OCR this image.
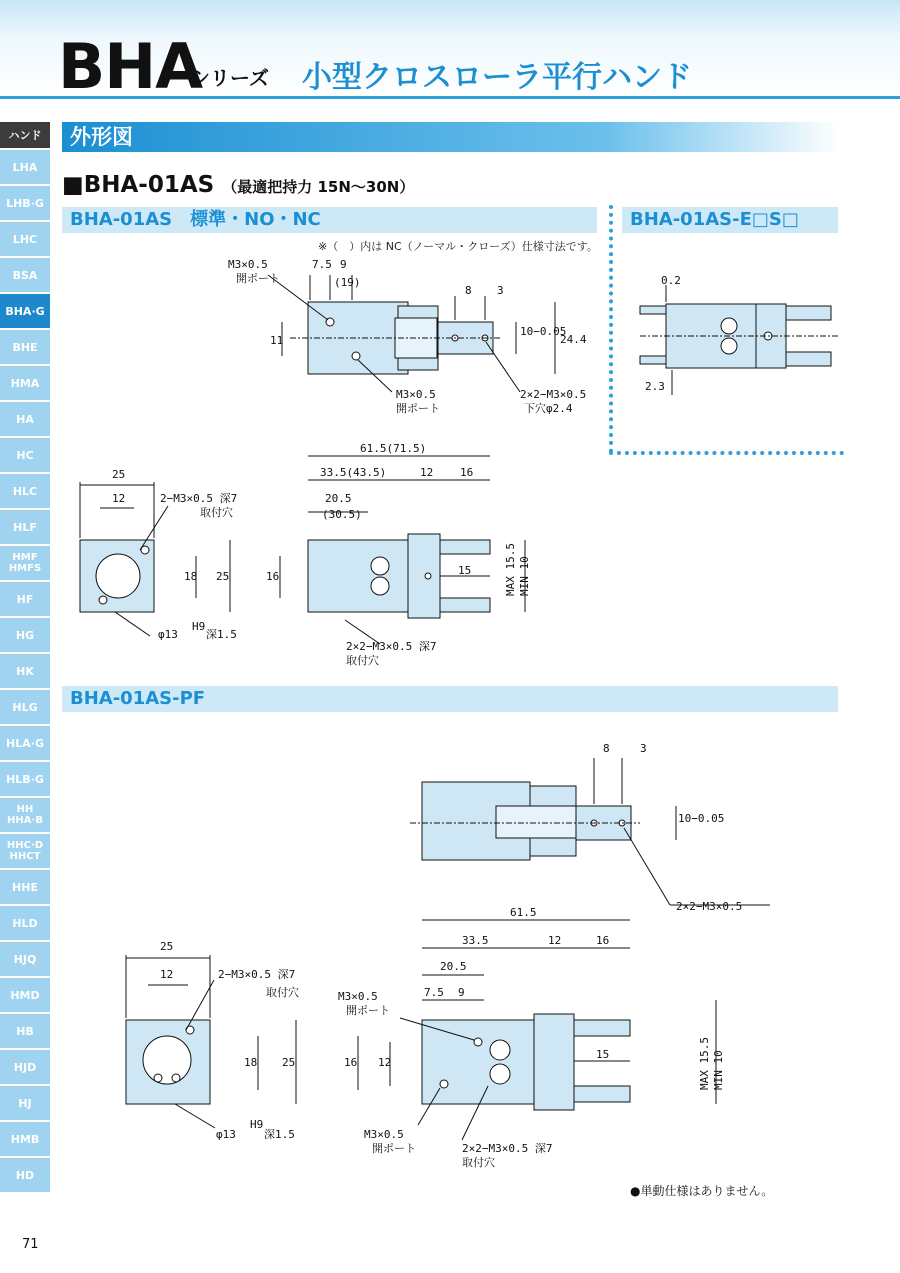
BHA
シリーズ 小型クロスローラ平行ハンド
ハンド
LHA
LHB·G
LHC
BSA
BHA·G
BHE
HMA
HA
HC
HLC
HLF
HMF
HMFS
HF
HG
HK
HLG
HLA·G
HLB·G
HH
HHA·B
HHC·D
HHCT
HHE
HLD
HJQ
HMD
HB
HJD
HJ
HMB
HD
外形図
■BHA-01AS （最適把持力 15N〜30N）
BHA-01AS　標準・NO・NC	BHA-01AS-E□S□
※（　）内は NC（ノーマル・クローズ）仕様寸法です。
BHA-01AS-PF
M3×0.5
開ポート
7.5 9
(19)
11
8 3
10−0.05
24.4
M3×0.5
開ポート
2×2−M3×0.5
下穴φ2.4
0.2
2.3
25
12	2−M3×0.5 深7
取付穴
18 25
φ13
H9
深1.5
61.5(71.5)
33.5(43.5)	12 16
20.5
(30.5)
16	15	MAX 15.5 MIN 10
2×2−M3×0.5 深7
取付穴
8	3
10−0.05
2×2−M3×0.5
25
12	2−M3×0.5 深7
取付穴
18 25
φ13
H9
深1.5
61.5
33.5	12	16
20.5
7.5 9
M3×0.5
開ポート
16 12
15	MAX 15.5 MIN 10
M3×0.5
開ポート	2×2−M3×0.5 深7
取付穴
●単動仕様はありません。
71
